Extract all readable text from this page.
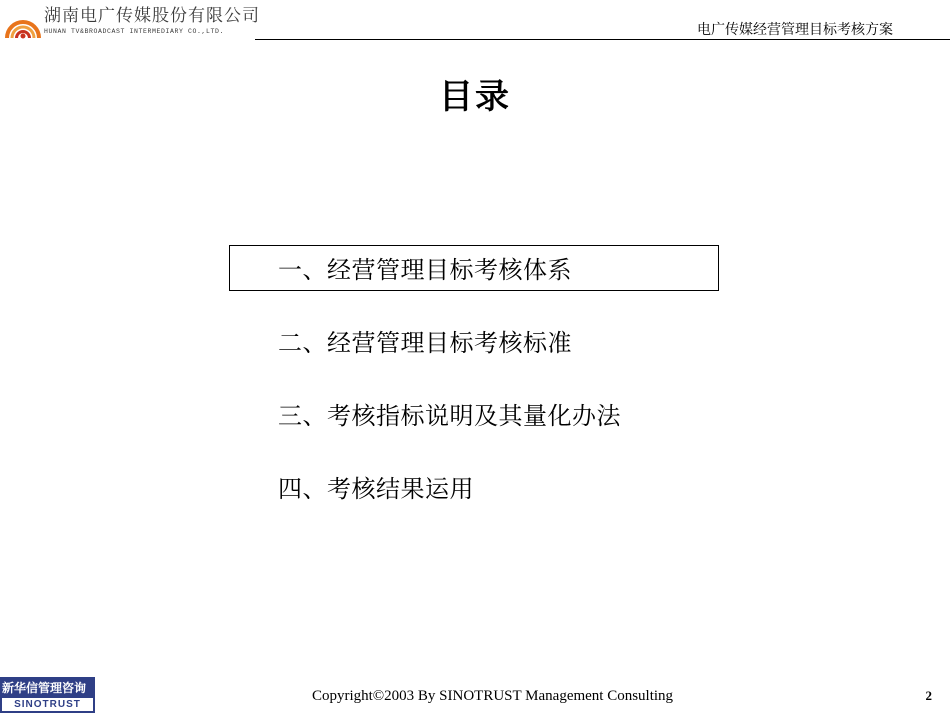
湖南电广传媒股份有限公司
HUNAN TV&BROADCAST INTERMEDIARY CO.,LTD.	电广传媒经营管理目标考核方案
目录
一、经营管理目标考核体系
二、经营管理目标考核标准
三、考核指标说明及其量化办法
四、考核结果运用
新华信管理咨询
SINOTRUST
Copyright©2003 By SINOTRUST Management Consulting	2
